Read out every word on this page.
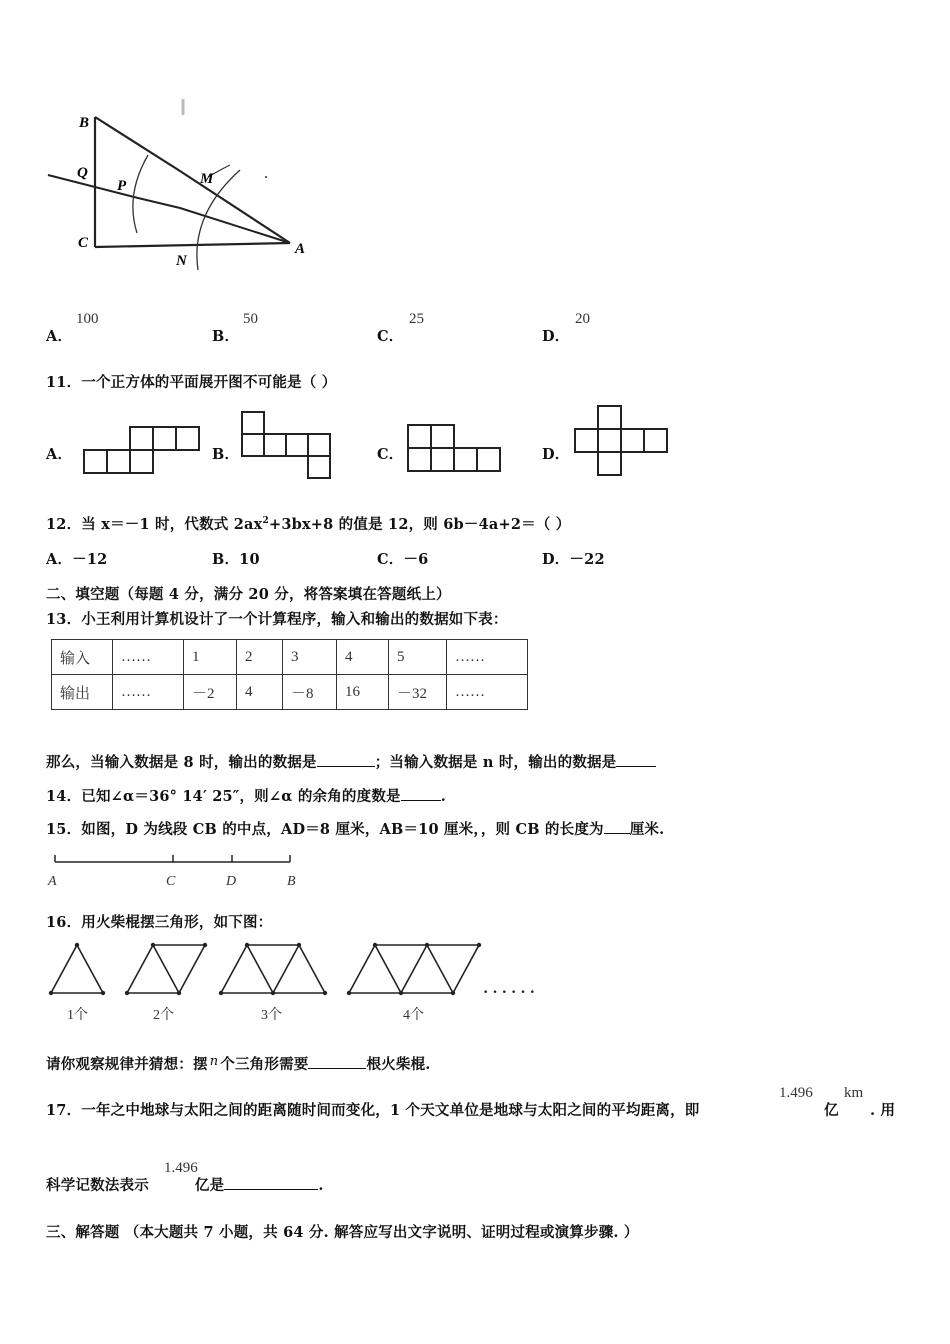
B
Q
P	M
C
N
A
A．
100
B．
50
C．
25
D．
20
11．一个正方体的平面展开图不可能是（ ）
A．	B．	C．	D．
12．当 x＝－1 时，代数式 $2ax^2+3bx+8$ 的值是 12，则 6b－4a+2＝（ ）
A．－12	B．10	C．－6	D．－22
二、填空题（每题 4 分，满分 20 分，将答案填在答题纸上）
13．小王利用计算机设计了一个计算程序，输入和输出的数据如下表：
输入	……	1	2	3	4	5	……
输出	……	－2	4	－8	16	－32	……
那么，当输入数据是 8 时，输出的数据是	；当输入数据是 n 时，输出的数据是
14．已知∠α＝36° 14′ 25″，则∠α 的余角的度数是	.
15．如图，D 为线段 CB 的中点，AD＝8 厘米，AB＝10 厘米，，则 CB 的长度为 厘米.
A	C	D	B
16．用火柴棍摆三角形，如下图：
1个	2个	3个	4个
· · · · · ·
请你观察规律并猜想：摆 n 个三角形需要	根火柴棍.
17．一年之中地球与太阳之间的距离随时间而变化，1 个天文单位是地球与太阳之间的平均距离，即
1.496
亿
km
. 用
科学记数法表示	亿是	.
1.496
三、解答题 （本大题共 7 小题，共 64 分. 解答应写出文字说明、证明过程或演算步骤. ）
